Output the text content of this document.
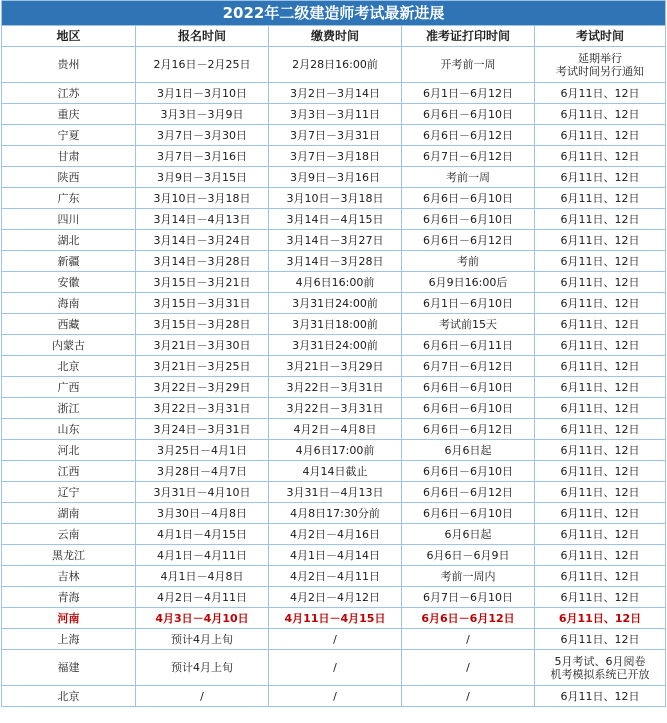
2022年二级建造师考试最新进展				
地区	报名时间	缴费时间	准考证打印时间	考试时间
贵州	2月16日－2月25日	2月28日16:00前	开考前一周	延期举行
考试时间另行通知

江苏	3月1日－3月10日	3月2日－3月14日	6月1日－6月12日	6月11日、12日
重庆	3月3日－3月9日	3月3日－3月11日	6月6日－6月10日	6月11日、12日
宁夏	3月7日－3月30日	3月7日－3月31日	6月6日－6月12日	6月11日、12日
甘肃	3月7日－3月16日	3月7日－3月18日	6月7日－6月12日	6月11日、12日
陕西	3月9日－3月15日	3月9日－3月16日	考前一周	6月11日、12日
广东	3月10日－3月18日	3月10日－3月18日	6月6日－6月10日	6月11日、12日
四川	3月14日－4月13日	3月14日－4月15日	6月6日－6月10日	6月11日、12日
湖北	3月14日－3月24日	3月14日－3月27日	6月6日－6月12日	6月11日、12日
新疆	3月14日－3月28日	3月14日－3月28日	考前	6月11日、12日
安徽	3月15日－3月21日	4月6日16:00前	6月9日16:00后	6月11日、12日
海南	3月15日－3月31日	3月31日24:00前	6月1日－6月10日	6月11日、12日
西藏	3月15日－3月28日	3月31日18:00前	考试前15天	6月11日、12日
内蒙古	3月21日－3月30日	3月31日24:00前	6月6日－6月11日	6月11日、12日
北京	3月21日－3月25日	3月21日－3月29日	6月7日－6月12日	6月11日、12日
广西	3月22日－3月29日	3月22日－3月31日	6月6日－6月10日	6月11日、12日
浙江	3月22日－3月31日	3月22日－3月31日	6月6日－6月10日	6月11日、12日
山东	3月24日－3月31日	4月2日－4月8日	6月6日－6月12日	6月11日、12日
河北	3月25日－4月1日	4月6日17:00前	6月6日起	6月11日、12日
江西	3月28日－4月7日	4月14日截止	6月6日－6月10日	6月11日、12日
辽宁	3月31日－4月10日	3月31日－4月13日	6月6日－6月12日	6月11日、12日
湖南	3月30日－4月8日	4月8日17:30分前	6月6日－6月10日	6月11日、12日
云南	4月1日－4月15日	4月2日－4月16日	6月6日起	6月11日、12日
黑龙江	4月1日－4月11日	4月1日－4月14日	6月6日－6月9日	6月11日、12日
吉林	4月1日－4月8日	4月2日－4月11日	考前一周内	6月11日、12日
青海	4月2日－4月11日	4月2日－4月12日	6月7日－6月10日	6月11日、12日
河南	4月3日－4月10日	4月11日－4月15日	6月6日－6月12日	6月11日、12日
上海	预计4月上旬	/	/	6月11日、12日
福建	预计4月上旬	/	/	5月考试、6月阅卷
机考模拟系统已开放

北京	/	/	/	6月11日、12日
